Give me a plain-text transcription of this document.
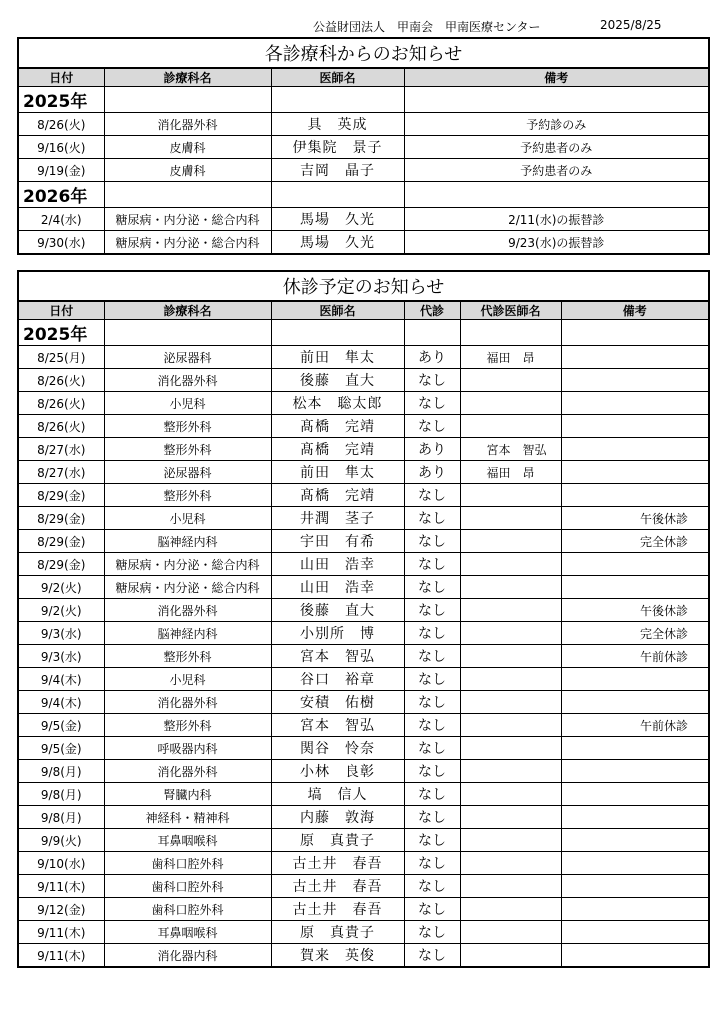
公益財団法人　甲南会　甲南医療センター	2025/8/25
各診療科からのお知らせ			
日付	診療科名	医師名	備考
2025年			
8/26(火)	消化器外科	具　英成	予約診のみ
9/16(火)	皮膚科	伊集院　景子	予約患者のみ
9/19(金)	皮膚科	吉岡　晶子	予約患者のみ
2026年			
2/4(水)	糖尿病・内分泌・総合内科	馬場　久光	2/11(水)の振替診
9/30(水)	糖尿病・内分泌・総合内科	馬場　久光	9/23(水)の振替診
休診予定のお知らせ					
日付	診療科名	医師名	代診	代診医師名	備考
2025年					
8/25(月)	泌尿器科	前田　隼太	あり	福田　昂	
8/26(火)	消化器外科	後藤　直大	なし		
8/26(火)	小児科	松本　聡太郎	なし		
8/26(火)	整形外科	髙橋　完靖	なし		
8/27(水)	整形外科	髙橋　完靖	あり	宮本　智弘	
8/27(水)	泌尿器科	前田　隼太	あり	福田　昂	
8/29(金)	整形外科	髙橋　完靖	なし		
8/29(金)	小児科	井潤　茎子	なし		午後休診
8/29(金)	脳神経内科	宇田　有希	なし		完全休診
8/29(金)	糖尿病・内分泌・総合内科	山田　浩幸	なし		
9/2(火)	糖尿病・内分泌・総合内科	山田　浩幸	なし		
9/2(火)	消化器外科	後藤　直大	なし		午後休診
9/3(水)	脳神経内科	小別所　博	なし		完全休診
9/3(水)	整形外科	宮本　智弘	なし		午前休診
9/4(木)	小児科	谷口　裕章	なし		
9/4(木)	消化器外科	安積　佑樹	なし		
9/5(金)	整形外科	宮本　智弘	なし		午前休診
9/5(金)	呼吸器内科	関谷　怜奈	なし		
9/8(月)	消化器外科	小林　良彰	なし		
9/8(月)	腎臓内科	塙　信人	なし		
9/8(月)	神経科・精神科	内藤　敦海	なし		
9/9(火)	耳鼻咽喉科	原　真貴子	なし		
9/10(水)	歯科口腔外科	古土井　春吾	なし		
9/11(木)	歯科口腔外科	古土井　春吾	なし		
9/12(金)	歯科口腔外科	古土井　春吾	なし		
9/11(木)	耳鼻咽喉科	原　真貴子	なし		
9/11(木)	消化器内科	賀来　英俊	なし		
